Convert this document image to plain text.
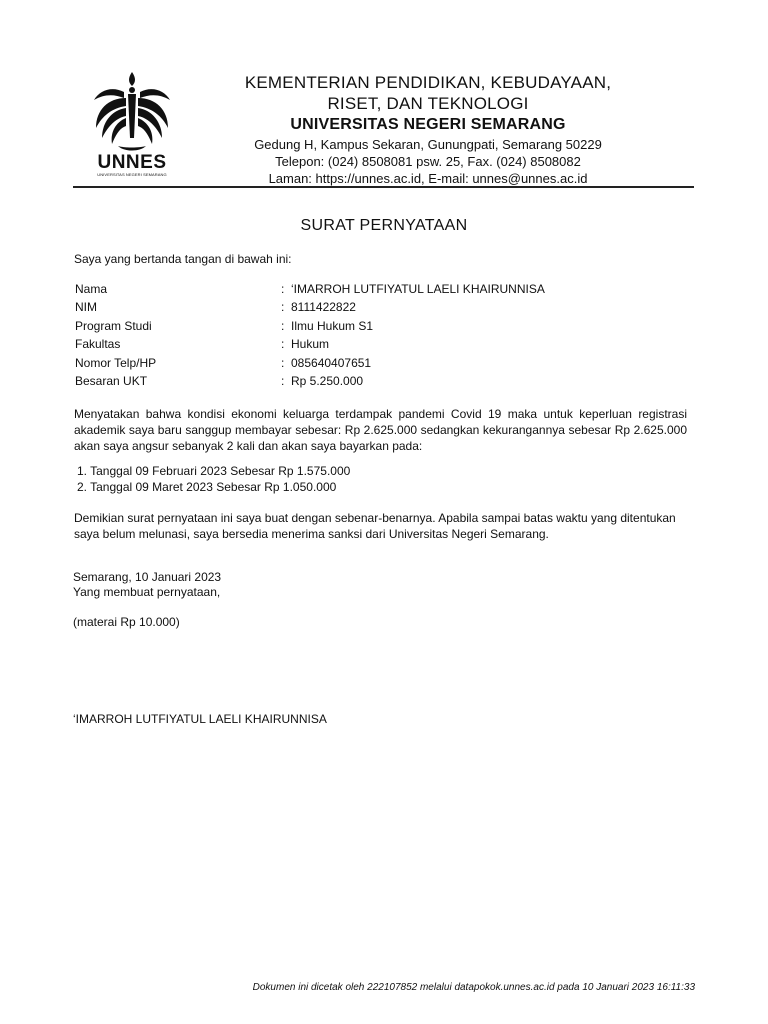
UNNES
UNIVERSITAS NEGERI SEMARANG
KEMENTERIAN PENDIDIKAN, KEBUDAYAAN,
RISET, DAN TEKNOLOGI
UNIVERSITAS NEGERI SEMARANG
Gedung H, Kampus Sekaran, Gunungpati, Semarang 50229
Telepon: (024) 8508081 psw. 25, Fax. (024) 8508082
Laman: https://unnes.ac.id, E-mail: unnes@unnes.ac.id
SURAT PERNYATAAN
Saya yang bertanda tangan di bawah ini:
Nama	: ‘IMARROH LUTFIYATUL LAELI KHAIRUNNISA
NIM	: 8111422822
Program Studi	: Ilmu Hukum S1
Fakultas	: Hukum
Nomor Telp/HP	: 085640407651
Besaran UKT	: Rp 5.250.000
Menyatakan bahwa kondisi ekonomi keluarga terdampak pandemi Covid 19 maka untuk keperluan registrasi akademik saya baru sanggup membayar sebesar: Rp 2.625.000 sedangkan kekurangannya sebesar Rp 2.625.000 akan saya angsur sebanyak 2 kali dan akan saya bayarkan pada:
1. Tanggal 09 Februari 2023 Sebesar Rp 1.575.000
2. Tanggal 09 Maret 2023 Sebesar Rp 1.050.000
Demikian surat pernyataan ini saya buat dengan sebenar-benarnya. Apabila sampai batas waktu yang ditentukan saya belum melunasi, saya bersedia menerima sanksi dari Universitas Negeri Semarang.
Semarang, 10 Januari 2023
Yang membuat pernyataan,
(materai Rp 10.000)
‘IMARROH LUTFIYATUL LAELI KHAIRUNNISA
Dokumen ini dicetak oleh 222107852 melalui datapokok.unnes.ac.id pada 10 Januari 2023 16:11:33
